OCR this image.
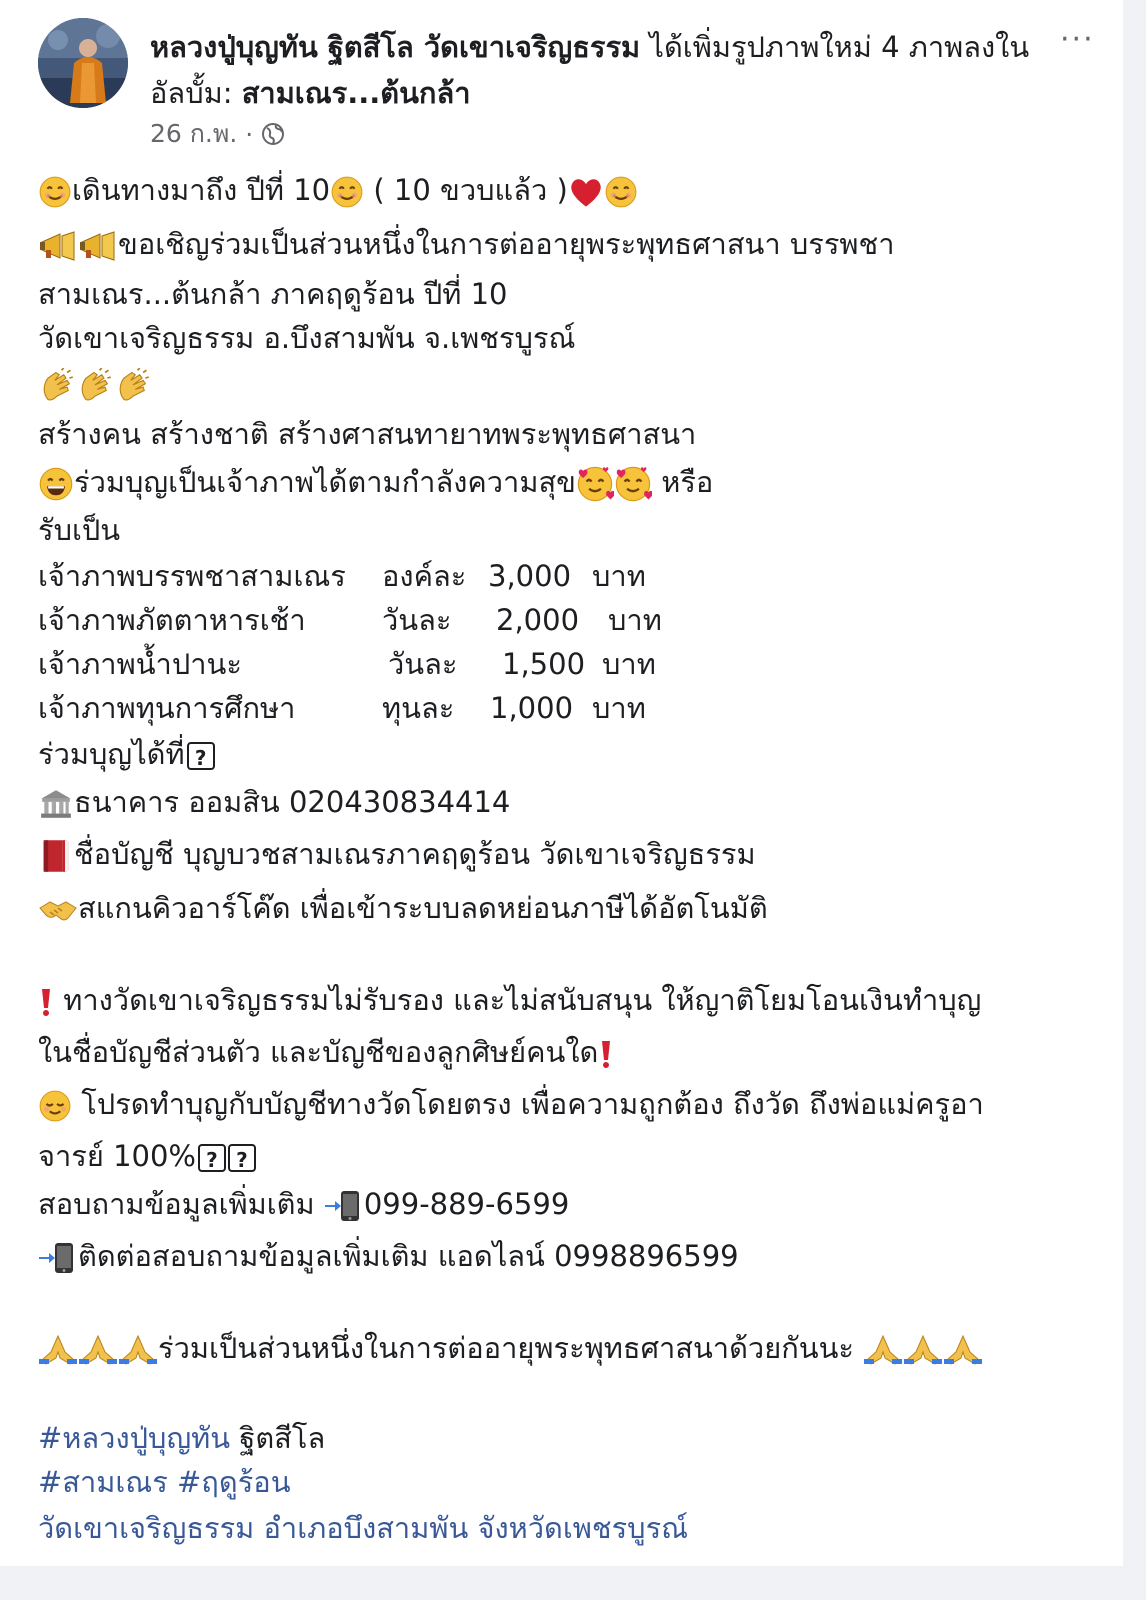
หลวงปู่บุญทัน ฐิตสีโล วัดเขาเจริญธรรม ได้เพิ่มรูปภาพใหม่ 4 ภาพลงในอัลบั้ม: สามเณร...ต้นกล้า
···
26 ก.พ. ·
เดินทางมาถึง ปีที่ 10 ( 10 ขวบแล้ว )
ขอเชิญร่วมเป็นส่วนหนึ่งในการต่ออายุพระพุทธศาสนา บรรพชา
สามเณร...ต้นกล้า ภาคฤดูร้อน ปีที่ 10
วัดเขาเจริญธรรม อ.บึงสามพัน จ.เพชรบูรณ์
สร้างคน สร้างชาติ สร้างศาสนทายาทพระพุทธศาสนา
ร่วมบุญเป็นเจ้าภาพได้ตามกำลังความสุข	หรือ
รับเป็น
เจ้าภาพบรรพชาสามเณร องค์ละ 3,000 บาท
เจ้าภาพภัตตาหารเช้า	วันละ 2,000 บาท
เจ้าภาพน้ำปานะ	วันละ 1,500 บาท
เจ้าภาพทุนการศึกษา	ทุนละ 1,000 บาท
ร่วมบุญได้ที่ ?
ธนาคาร ออมสิน 020430834414
ชื่อบัญชี บุญบวชสามเณรภาคฤดูร้อน วัดเขาเจริญธรรม
สแกนคิวอาร์โค๊ด เพื่อเข้าระบบลดหย่อนภาษีได้อัตโนมัติ
ทางวัดเขาเจริญธรรมไม่รับรอง และไม่สนับสนุน ให้ญาติโยมโอนเงินทำบุญ
ในชื่อบัญชีส่วนตัว และบัญชีของลูกศิษย์คนใด
โปรดทำบุญกับบัญชีทางวัดโดยตรง เพื่อความถูกต้อง ถึงวัด ถึงพ่อแม่ครูอา
จารย์ 100% ? ?
สอบถามข้อมูลเพิ่มเติม 099-889-6599
ติดต่อสอบถามข้อมูลเพิ่มเติม แอดไลน์ 0998896599
ร่วมเป็นส่วนหนึ่งในการต่ออายุพระพุทธศาสนาด้วยกันนะ
#หลวงปู่บุญทัน ฐิตสีโล
#สามเณร #ฤดูร้อน
วัดเขาเจริญธรรม อำเภอบึงสามพัน จังหวัดเพชรบูรณ์
